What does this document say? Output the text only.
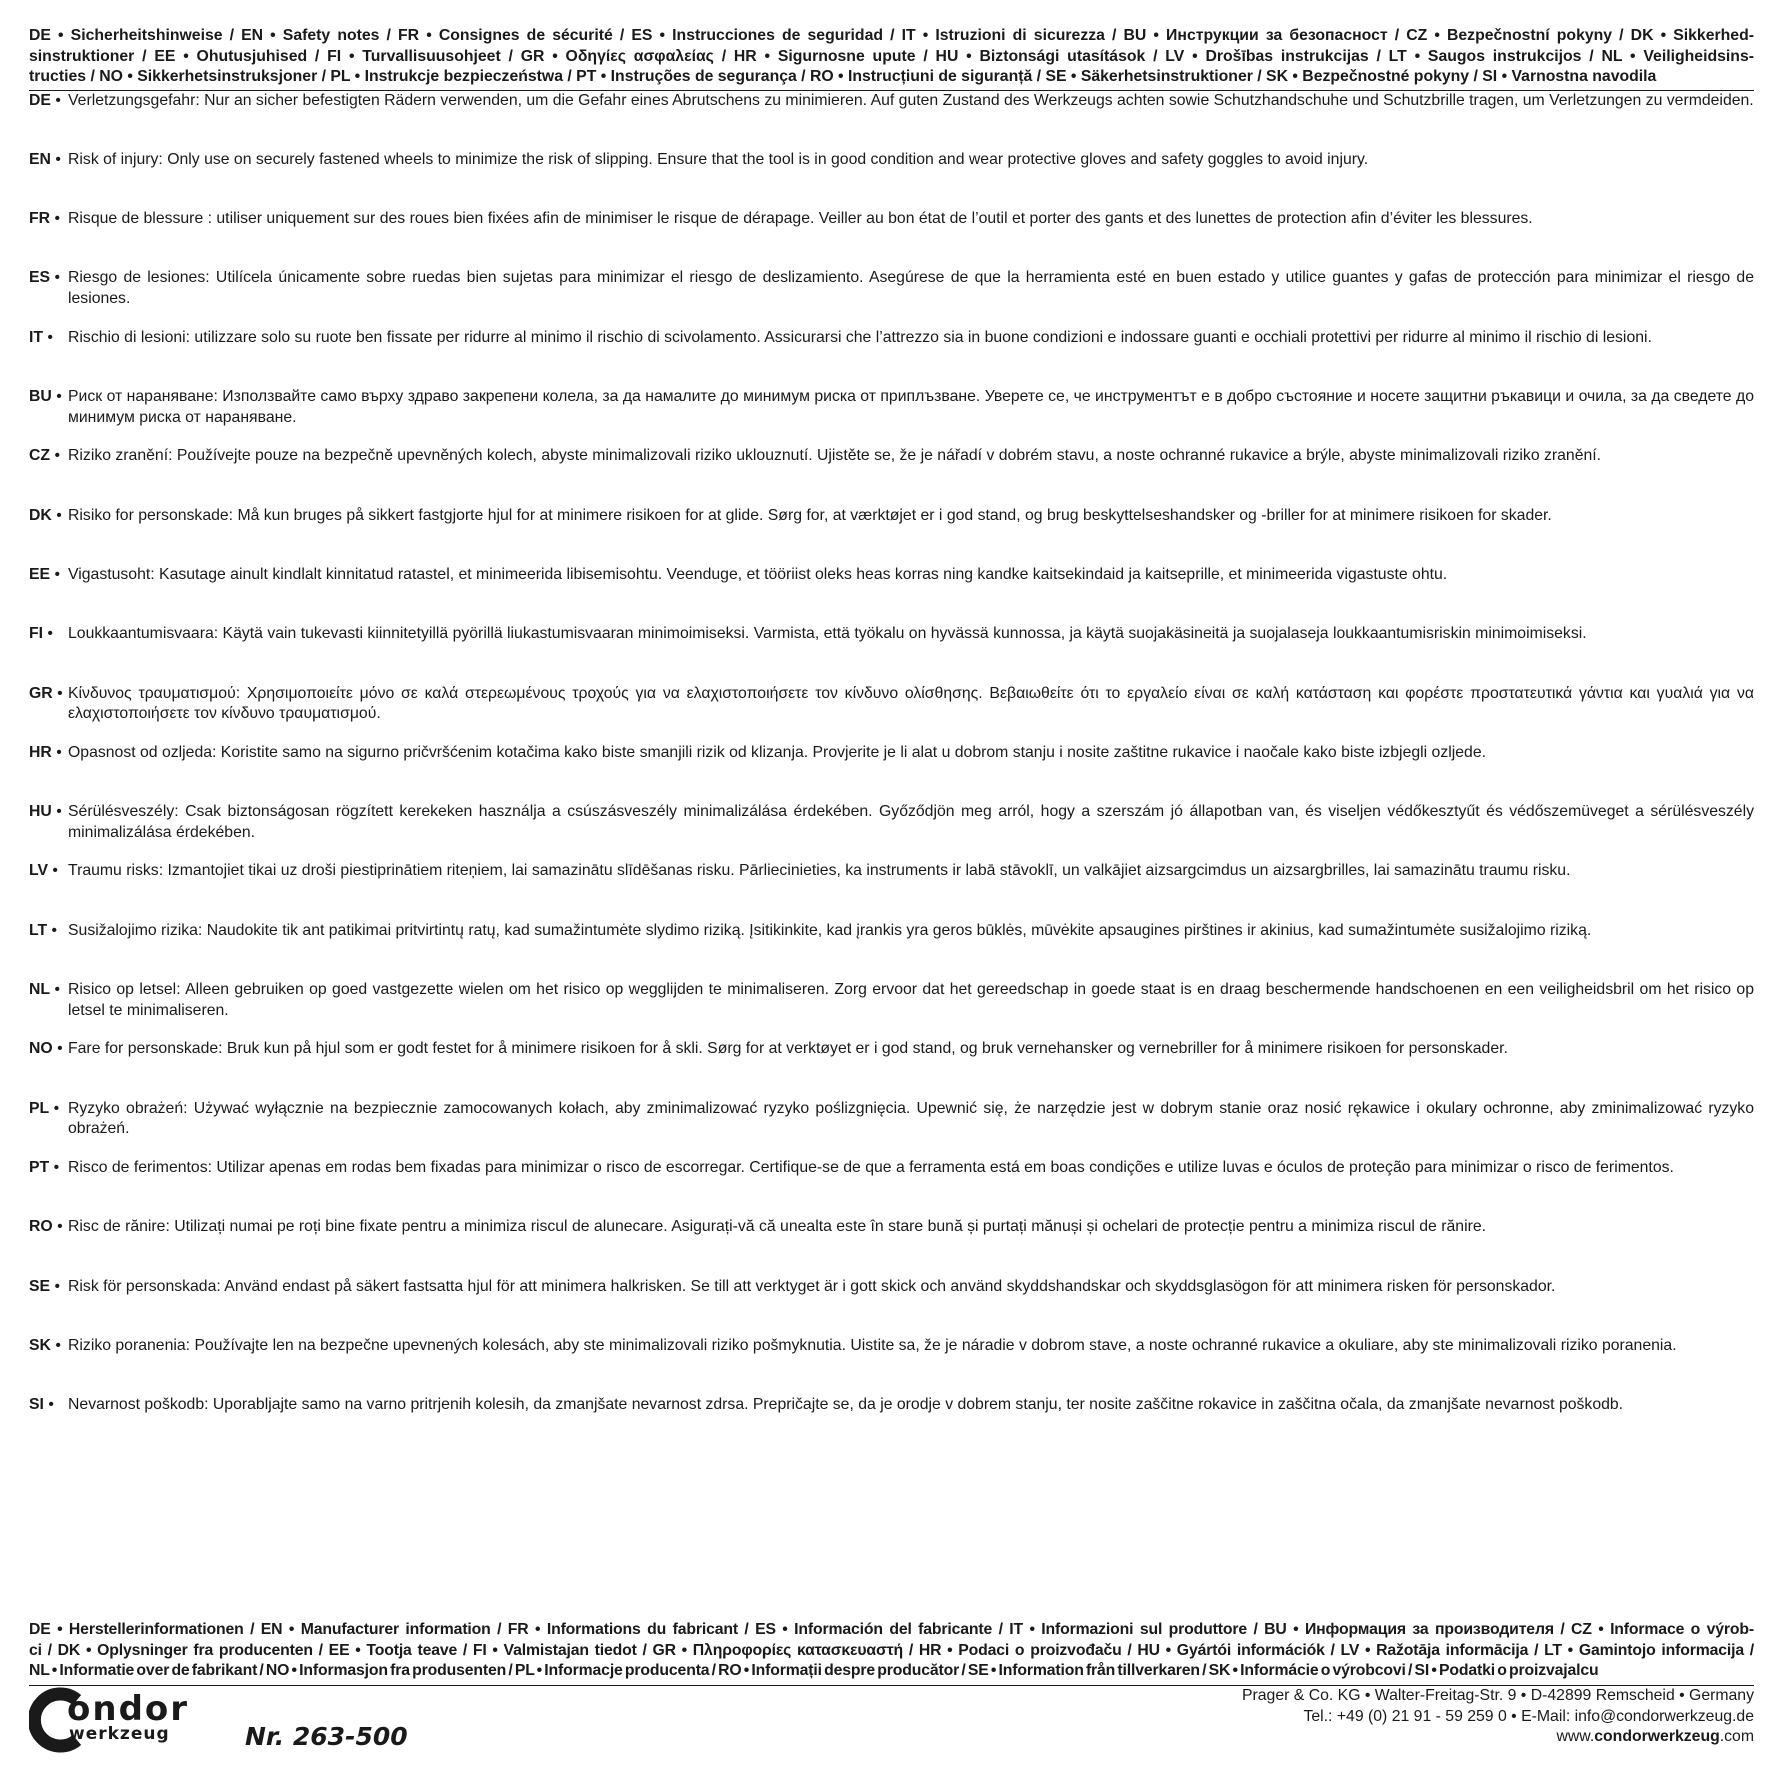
DE • Sicherheitshinweise / EN • Safety notes / FR • Consignes de sécurité / ES • Instrucciones de seguridad / IT • Istruzioni di sicurezza / BU • Инструкции за безопасност / CZ • Bezpečnostní pokyny / DK • Sikkerhed-
sinstruktioner / EE • Ohutusjuhised / FI • Turvallisuusohjeet / GR • Οδηγίες ασφαλείας / HR • Sigurnosne upute / HU • Biztonsági utasítások / LV • Drošības instrukcijas / LT • Saugos instrukcijos / NL • Veiligheidsins-
tructies / NO • Sikkerhetsinstruksjoner / PL • Instrukcje bezpieczeństwa / PT • Instruções de segurança / RO • Instrucțiuni de siguranță / SE • Säkerhetsinstruktioner / SK • Bezpečnostné pokyny / SI • Varnostna navodila
DE • Verletzungsgefahr: Nur an sicher befestigten Rädern verwenden, um die Gefahr eines Abrutschens zu minimieren. Auf guten Zustand des Werkzeugs achten sowie Schutzhandschuhe und Schutzbrille tragen, um Verletzungen zu vermdeiden.
EN • Risk of injury: Only use on securely fastened wheels to minimize the risk of slipping. Ensure that the tool is in good condition and wear protective gloves and safety goggles to avoid injury.
FR • Risque de blessure : utiliser uniquement sur des roues bien fixées afin de minimiser le risque de dérapage. Veiller au bon état de l’outil et porter des gants et des lunettes de protection afin d’éviter les blessures.
ES • Riesgo de lesiones: Utilícela únicamente sobre ruedas bien sujetas para minimizar el riesgo de deslizamiento. Asegúrese de que la herramienta esté en buen estado y utilice guantes y gafas de protección para minimizar el riesgo de lesiones.
IT • Rischio di lesioni: utilizzare solo su ruote ben fissate per ridurre al minimo il rischio di scivolamento. Assicurarsi che l’attrezzo sia in buone condizioni e indossare guanti e occhiali protettivi per ridurre al minimo il rischio di lesioni.
BU • Риск от нараняване: Използвайте само върху здраво закрепени колела, за да намалите до минимум риска от приплъзване. Уверете се, че инструментът е в добро състояние и носете защитни ръкавици и очила, за да сведете до минимум риска от нараняване.
CZ • Riziko zranění: Používejte pouze na bezpečně upevněných kolech, abyste minimalizovali riziko uklouznutí. Ujistěte se, že je nářadí v dobrém stavu, a noste ochranné rukavice a brýle, abyste minimalizovali riziko zranění.
DK • Risiko for personskade: Må kun bruges på sikkert fastgjorte hjul for at minimere risikoen for at glide. Sørg for, at værktøjet er i god stand, og brug beskyttelseshandsker og -briller for at minimere risikoen for skader.
EE • Vigastusoht: Kasutage ainult kindlalt kinnitatud ratastel, et minimeerida libisemisohtu. Veenduge, et tööriist oleks heas korras ning kandke kaitsekindaid ja kaitseprille, et minimeerida vigastuste ohtu.
FI • Loukkaantumisvaara: Käytä vain tukevasti kiinnitetyillä pyörillä liukastumisvaaran minimoimiseksi. Varmista, että työkalu on hyvässä kunnossa, ja käytä suojakäsineitä ja suojalaseja loukkaantumisriskin minimoimiseksi.
GR • Κίνδυνος τραυματισμού: Χρησιμοποιείτε μόνο σε καλά στερεωμένους τροχούς για να ελαχιστοποιήσετε τον κίνδυνο ολίσθησης. Βεβαιωθείτε ότι το εργαλείο είναι σε καλή κατάσταση και φορέστε προστατευτικά γάντια και γυαλιά για να ελαχιστοποιήσετε τον κίνδυνο τραυματισμού.
HR • Opasnost od ozljeda: Koristite samo na sigurno pričvršćenim kotačima kako biste smanjili rizik od klizanja. Provjerite je li alat u dobrom stanju i nosite zaštitne rukavice i naočale kako biste izbjegli ozljede.
HU • Sérülésveszély: Csak biztonságosan rögzített kerekeken használja a csúszásveszély minimalizálása érdekében. Győződjön meg arról, hogy a szerszám jó állapotban van, és viseljen védőkesztyűt és védőszemüveget a sérülésveszély minimalizálása érdekében.
LV • Traumu risks: Izmantojiet tikai uz droši piestiprinātiem riteņiem, lai samazinātu slīdēšanas risku. Pārliecinieties, ka instruments ir labā stāvoklī, un valkājiet aizsargcimdus un aizsargbrilles, lai samazinātu traumu risku.
LT • Susižalojimo rizika: Naudokite tik ant patikimai pritvirtintų ratų, kad sumažintumėte slydimo riziką. Įsitikinkite, kad įrankis yra geros būklės, mūvėkite apsaugines pirštines ir akinius, kad sumažintumėte susižalojimo riziką.
NL • Risico op letsel: Alleen gebruiken op goed vastgezette wielen om het risico op wegglijden te minimaliseren. Zorg ervoor dat het gereedschap in goede staat is en draag beschermende handschoenen en een veiligheidsbril om het risico op letsel te minimaliseren.
NO • Fare for personskade: Bruk kun på hjul som er godt festet for å minimere risikoen for å skli. Sørg for at verktøyet er i god stand, og bruk vernehansker og vernebriller for å minimere risikoen for personskader.
PL • Ryzyko obrażeń: Używać wyłącznie na bezpiecznie zamocowanych kołach, aby zminimalizować ryzyko poślizgnięcia. Upewnić się, że narzędzie jest w dobrym stanie oraz nosić rękawice i okulary ochronne, aby zminimalizować ryzyko obrażeń.
PT • Risco de ferimentos: Utilizar apenas em rodas bem fixadas para minimizar o risco de escorregar. Certifique-se de que a ferramenta está em boas condições e utilize luvas e óculos de proteção para minimizar o risco de ferimentos.
RO • Risc de rănire: Utilizați numai pe roți bine fixate pentru a minimiza riscul de alunecare. Asigurați-vă că unealta este în stare bună și purtați mănuși și ochelari de protecție pentru a minimiza riscul de rănire.
SE • Risk för personskada: Använd endast på säkert fastsatta hjul för att minimera halkrisken. Se till att verktyget är i gott skick och använd skyddshandskar och skyddsglasögon för att minimera risken för personskador.
SK • Riziko poranenia: Používajte len na bezpečne upevnených kolesách, aby ste minimalizovali riziko pošmyknutia. Uistite sa, že je náradie v dobrom stave, a noste ochranné rukavice a okuliare, aby ste minimalizovali riziko poranenia.
SI • Nevarnost poškodb: Uporabljajte samo na varno pritrjenih kolesih, da zmanjšate nevarnost zdrsa. Prepričajte se, da je orodje v dobrem stanju, ter nosite zaščitne rokavice in zaščitna očala, da zmanjšate nevarnost poškodb.
DE • Herstellerinformationen / EN • Manufacturer information / FR • Informations du fabricant / ES • Información del fabricante / IT • Informazioni sul produttore / BU • Информация за производителя / CZ • Informace o výrob-
ci / DK • Oplysninger fra producenten / EE • Tootja teave / FI • Valmistajan tiedot / GR • Πληροφορίες κατασκευαστή / HR • Podaci o proizvođaču / HU • Gyártói információk / LV • Ražotāja informācija / LT • Gamintojo informacija /
NL • Informatie over de fabrikant / NO • Informasjon fra produsenten / PL • Informacje producenta / RO • Informații despre producător / SE • Information från tillverkaren / SK • Informácie o výrobcovi / SI • Podatki o proizvajalcu
ondor
werkzeug	Nr. 263-500
Prager & Co. KG • Walter-Freitag-Str. 9 • D-42899 Remscheid • Germany
Tel.: +49 (0) 21 91 - 59 259 0 • E-Mail: info@condorwerkzeug.de
www.condorwerkzeug.com
